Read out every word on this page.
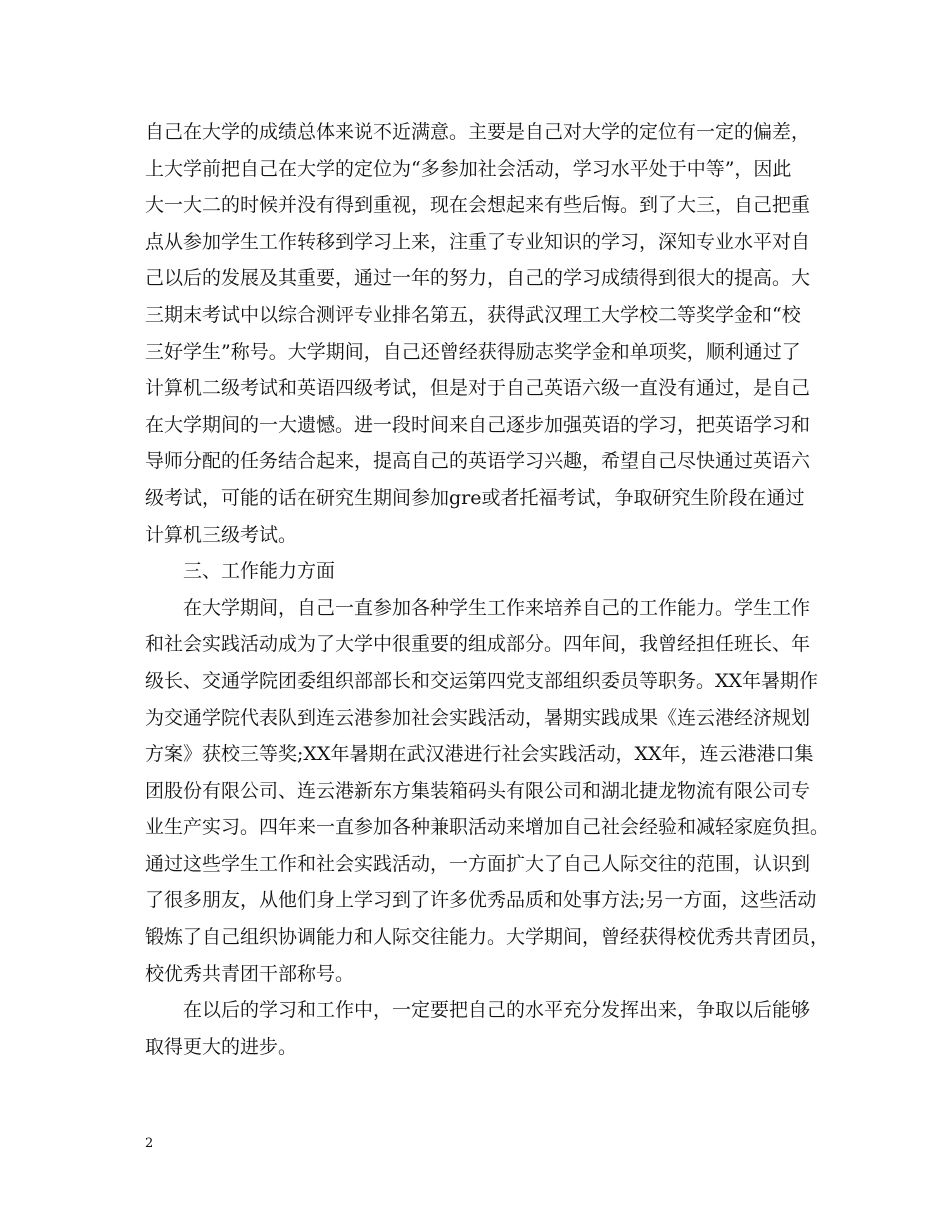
自己在大学的成绩总体来说不近满意。主要是自己对大学的定位有一定的偏差，
上大学前把自己在大学的定位为“多参加社会活动，学习水平处于中等”，因此
大一大二的时候并没有得到重视，现在会想起来有些后悔。到了大三，自己把重
点从参加学生工作转移到学习上来，注重了专业知识的学习，深知专业水平对自
己以后的发展及其重要，通过一年的努力，自己的学习成绩得到很大的提高。大
三期末考试中以综合测评专业排名第五，获得武汉理工大学校二等奖学金和“校
三好学生”称号。大学期间，自己还曾经获得励志奖学金和单项奖，顺利通过了
计算机二级考试和英语四级考试，但是对于自己英语六级一直没有通过，是自己
在大学期间的一大遗憾。进一段时间来自己逐步加强英语的学习，把英语学习和
导师分配的任务结合起来，提高自己的英语学习兴趣，希望自己尽快通过英语六
级考试，可能的话在研究生期间参加gre或者托福考试，争取研究生阶段在通过
计算机三级考试。
三、工作能力方面
在大学期间，自己一直参加各种学生工作来培养自己的工作能力。学生工作
和社会实践活动成为了大学中很重要的组成部分。四年间，我曾经担任班长、年
级长、交通学院团委组织部部长和交运第四党支部组织委员等职务。XX年暑期作
为交通学院代表队到连云港参加社会实践活动，暑期实践成果《连云港经济规划
方案》获校三等奖;XX年暑期在武汉港进行社会实践活动，XX年，连云港港口集
团股份有限公司、连云港新东方集装箱码头有限公司和湖北捷龙物流有限公司专
业生产实习。四年来一直参加各种兼职活动来增加自己社会经验和减轻家庭负担。
通过这些学生工作和社会实践活动，一方面扩大了自己人际交往的范围，认识到
了很多朋友，从他们身上学习到了许多优秀品质和处事方法;另一方面，这些活动
锻炼了自己组织协调能力和人际交往能力。大学期间，曾经获得校优秀共青团员，
校优秀共青团干部称号。
在以后的学习和工作中，一定要把自己的水平充分发挥出来，争取以后能够
取得更大的进步。
2
